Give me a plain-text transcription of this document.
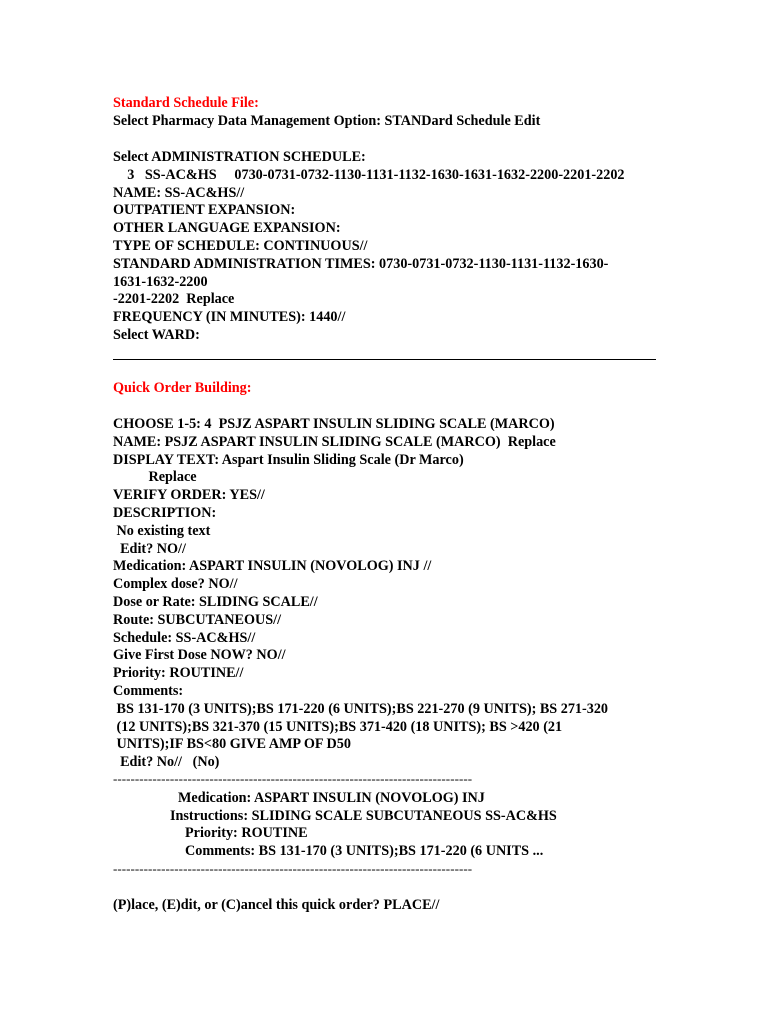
Standard Schedule File:
Select Pharmacy Data Management Option: STANDard Schedule Edit
Select ADMINISTRATION SCHEDULE:
3   SS-AC&HS     0730-0731-0732-1130-1131-1132-1630-1631-1632-2200-2201-2202
NAME: SS-AC&HS//
OUTPATIENT EXPANSION:
OTHER LANGUAGE EXPANSION:
TYPE OF SCHEDULE: CONTINUOUS//
STANDARD ADMINISTRATION TIMES: 0730-0731-0732-1130-1131-1132-1630-
1631-1632-2200
-2201-2202  Replace
FREQUENCY (IN MINUTES): 1440//
Select WARD:
Quick Order Building:
CHOOSE 1-5: 4  PSJZ ASPART INSULIN SLIDING SCALE (MARCO)
NAME: PSJZ ASPART INSULIN SLIDING SCALE (MARCO)  Replace
DISPLAY TEXT: Aspart Insulin Sliding Scale (Dr Marco)
Replace
VERIFY ORDER: YES//
DESCRIPTION:
No existing text
Edit? NO//
Medication: ASPART INSULIN (NOVOLOG) INJ //
Complex dose? NO//
Dose or Rate: SLIDING SCALE//
Route: SUBCUTANEOUS//
Schedule: SS-AC&HS//
Give First Dose NOW? NO//
Priority: ROUTINE//
Comments:
BS 131-170 (3 UNITS);BS 171-220 (6 UNITS);BS 221-270 (9 UNITS); BS 271-320
(12 UNITS);BS 321-370 (15 UNITS);BS 371-420 (18 UNITS); BS >420 (21
UNITS);IF BS<80 GIVE AMP OF D50
Edit? No//   (No)
----------------------------------------------------------------------------------
Medication: ASPART INSULIN (NOVOLOG) INJ
Instructions: SLIDING SCALE SUBCUTANEOUS SS-AC&HS
Priority: ROUTINE
Comments: BS 131-170 (3 UNITS);BS 171-220 (6 UNITS ...
----------------------------------------------------------------------------------
(P)lace, (E)dit, or (C)ancel this quick order? PLACE//
